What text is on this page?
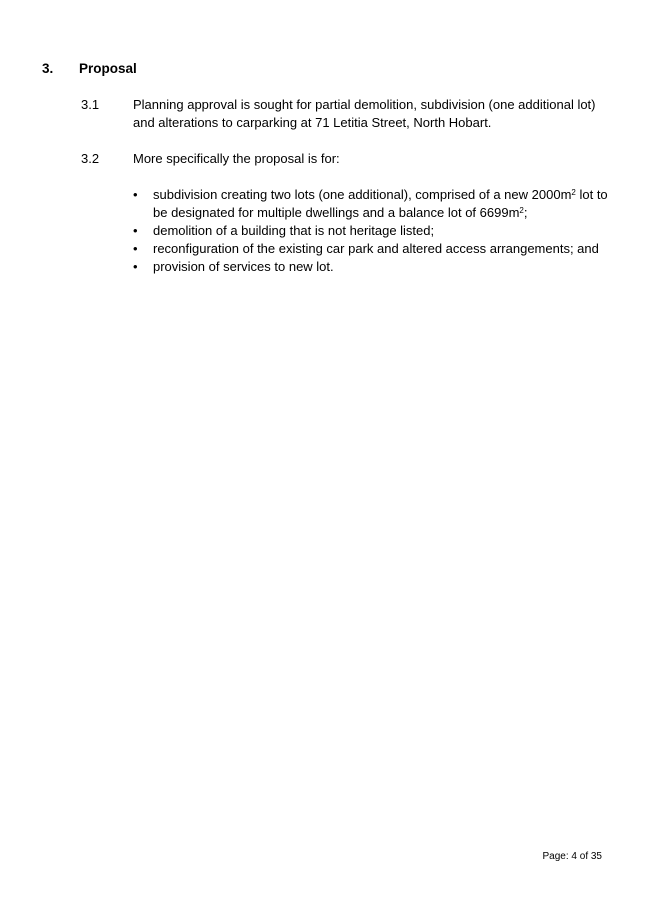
3.	Proposal
3.1	Planning approval is sought for partial demolition, subdivision (one additional lot) and alterations to carparking at 71 Letitia Street, North Hobart.
3.2	More specifically the proposal is for:
• subdivision creating two lots (one additional), comprised of a new $2000m^2$ lot to be designated for multiple dwellings and a balance lot of $6699m^2$;
• demolition of a building that is not heritage listed;
• reconfiguration of the existing car park and altered access arrangements; and
• provision of services to new lot.
Page: 4 of 35
